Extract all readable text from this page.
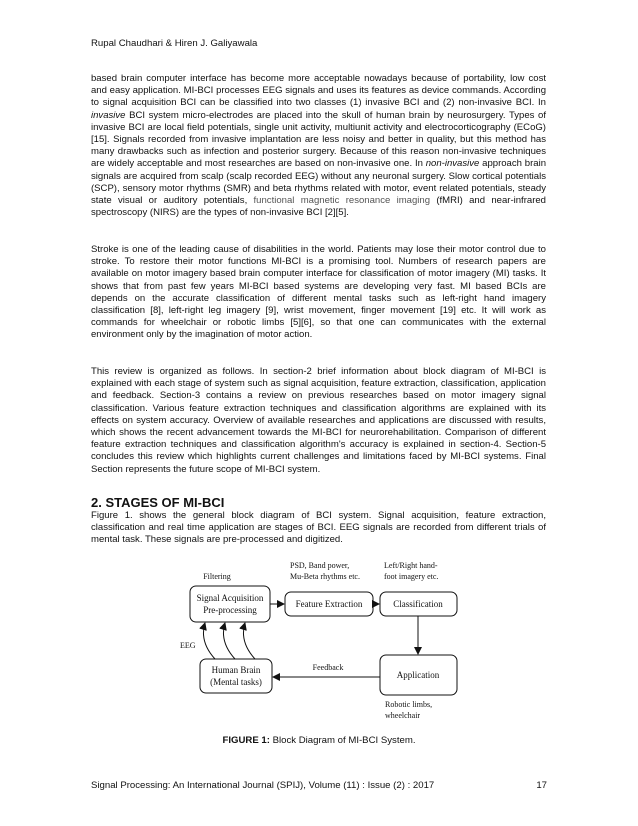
Rupal Chaudhari & Hiren J. Galiyawala

based brain computer interface has become more acceptable nowadays because of portability, low cost and easy application. MI-BCI processes EEG signals and uses its features as device commands. According to signal acquisition BCI can be classified into two classes (1) invasive BCI and (2) non-invasive BCI. In invasive BCI system micro-electrodes are placed into the skull of human brain by neurosurgery. Types of invasive BCI are local field potentials, single unit activity, multiunit activity and electrocorticography (ECoG) [15]. Signals recorded from invasive implantation are less noisy and better in quality, but this method has many drawbacks such as infection and posterior surgery. Because of this reason non-invasive techniques are widely acceptable and most researches are based on non-invasive one. In non-invasive approach brain signals are acquired from scalp (scalp recorded EEG) without any neuronal surgery. Slow cortical potentials (SCP), sensory motor rhythms (SMR) and beta rhythms related with motor, event related potentials, steady state visual or auditory potentials, functional magnetic resonance imaging (fMRI) and near-infrared spectroscopy (NIRS) are the types of non-invasive BCI [2][5].

Stroke is one of the leading cause of disabilities in the world. Patients may lose their motor control due to stroke. To restore their motor functions MI-BCI is a promising tool. Numbers of research papers are available on motor imagery based brain computer interface for classification of motor imagery (MI) tasks. It shows that from past few years MI-BCI based systems are developing very fast. MI based BCIs are depends on the accurate classification of different mental tasks such as left-right hand imagery classification [8], left-right leg imagery [9], wrist movement, finger movement [19] etc. It will work as commands for wheelchair or robotic limbs [5][6], so that one can communicates with the external environment only by the imagination of motor action.

This review is organized as follows. In section-2 brief information about block diagram of MI-BCI is explained with each stage of system such as signal acquisition, feature extraction, classification, application and feedback. Section-3 contains a review on previous researches based on motor imagery signal classification. Various feature extraction techniques and classification algorithms are explained with its effects on system accuracy. Overview of available researches and applications are discussed with results, which shows the recent advancement towards the MI-BCI for neurorehabilitation. Comparison of different feature extraction techniques and classification algorithm's accuracy is explained in section-4. Section-5 concludes this review which highlights current challenges and limitations faced by MI-BCI systems. Final Section represents the future scope of MI-BCI system.

2. STAGES OF MI-BCI

Figure 1. shows the general block diagram of BCI system. Signal acquisition, feature extraction, classification and real time application are stages of BCI. EEG signals are recorded from different trials of mental task. These signals are pre-processed and digitized.

Signal Acquisition
Pre-processing
Feature Extraction	Classification
Human Brain
(Mental tasks)
Application
Filtering
PSD, Band power,
Mu-Beta rhythms etc.
Left/Right hand-
foot imagery etc.
EEG
Feedback
Robotic limbs,
wheelchair
FIGURE 1: Block Diagram of MI-BCI System.
Signal Processing: An International Journal (SPIJ), Volume (11) : Issue (2) : 2017	17
